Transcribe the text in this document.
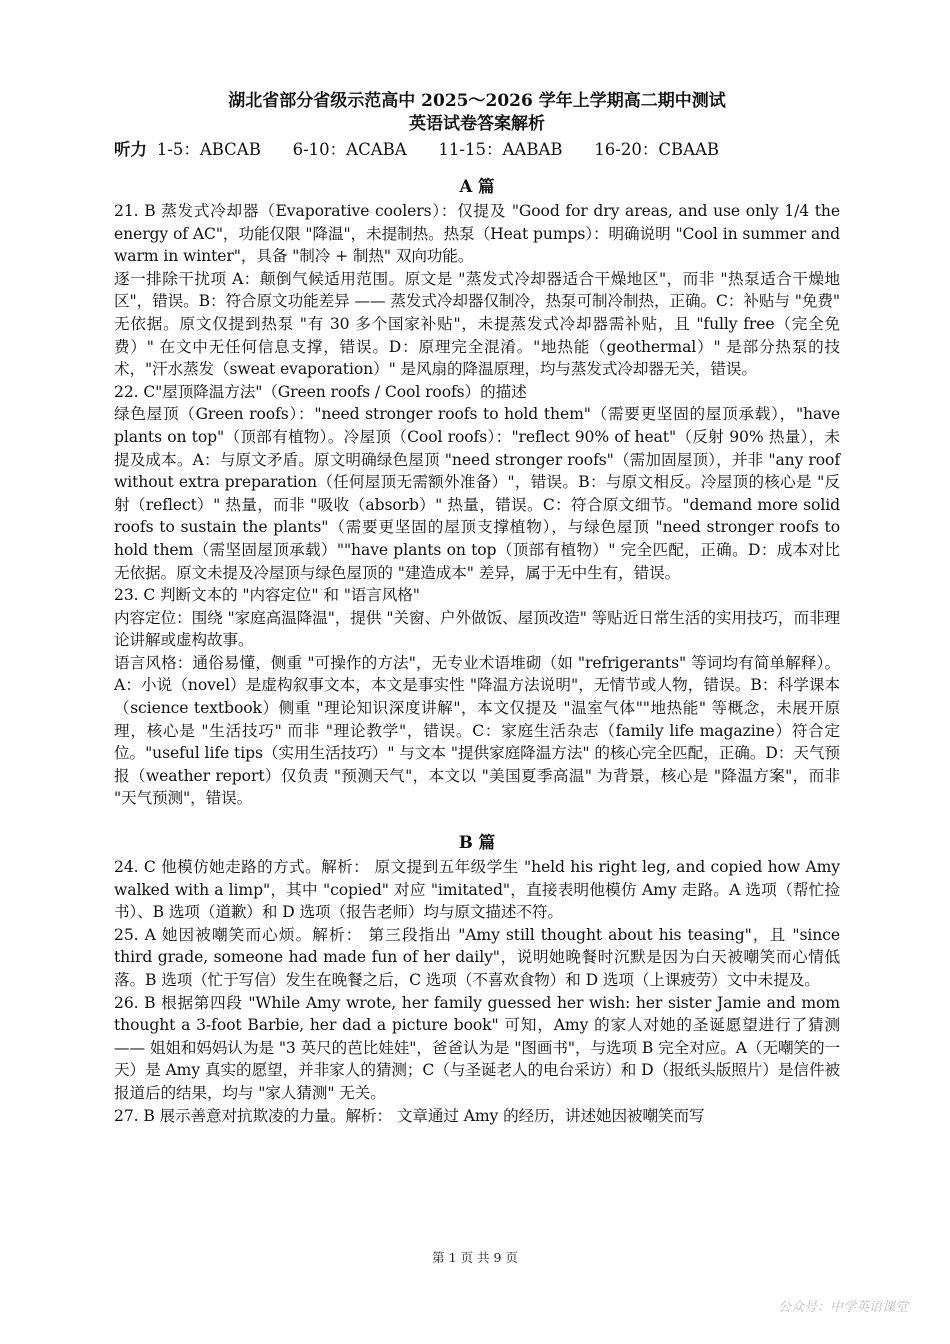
湖北省部分省级示范高中 2025～2026 学年上学期高二期中测试

英语试卷答案解析

听力 1-5：ABCAB 6-10：ACABA 11-15：AABAB 16-20：CBAAB

A 篇

21. B 蒸发式冷却器（Evaporative coolers）：仅提及 "Good for dry areas, and use only 1/4 the energy of AC"，功能仅限 "降温"，未提制热。热泵（Heat pumps）：明确说明 "Cool in summer and warm in winter"，具备 "制冷 + 制热" 双向功能。

逐一排除干扰项 A：颠倒气候适用范围。原文是 "蒸发式冷却器适合干燥地区"，而非 "热泵适合干燥地区"，错误。B：符合原文功能差异 —— 蒸发式冷却器仅制冷，热泵可制冷制热，正确。C：补贴与 "免费" 无依据。原文仅提到热泵 "有 30 多个国家补贴"，未提蒸发式冷却器需补贴，且 "fully free（完全免费）" 在文中无任何信息支撑，错误。D：原理完全混淆。"地热能（geothermal）" 是部分热泵的技术，"汗水蒸发（sweat evaporation）" 是风扇的降温原理，均与蒸发式冷却器无关，错误。

22. C"屋顶降温方法"（Green roofs / Cool roofs）的描述

绿色屋顶（Green roofs）："need stronger roofs to hold them"（需要更坚固的屋顶承载），"have plants on top"（顶部有植物）。冷屋顶（Cool roofs）："reflect 90% of heat"（反射 90% 热量），未提及成本。A：与原文矛盾。原文明确绿色屋顶 "need stronger roofs"（需加固屋顶），并非 "any roof without extra preparation（任何屋顶无需额外准备）"，错误。B：与原文相反。冷屋顶的核心是 "反射（reflect）" 热量，而非 "吸收（absorb）" 热量，错误。C：符合原文细节。"demand more solid roofs to sustain the plants"（需要更坚固的屋顶支撑植物），与绿色屋顶 "need stronger roofs to hold them（需坚固屋顶承载）""have plants on top（顶部有植物）" 完全匹配，正确。D：成本对比无依据。原文未提及冷屋顶与绿色屋顶的 "建造成本" 差异，属于无中生有，错误。

23. C 判断文本的 "内容定位" 和 "语言风格"

内容定位：围绕 "家庭高温降温"，提供 "关窗、户外做饭、屋顶改造" 等贴近日常生活的实用技巧，而非理论讲解或虚构故事。

语言风格：通俗易懂，侧重 "可操作的方法"，无专业术语堆砌（如 "refrigerants" 等词均有简单解释）。A：小说（novel）是虚构叙事文本，本文是事实性 "降温方法说明"，无情节或人物，错误。B：科学课本（science textbook）侧重 "理论知识深度讲解"，本文仅提及 "温室气体""地热能" 等概念，未展开原理，核心是 "生活技巧" 而非 "理论教学"，错误。C：家庭生活杂志（family life magazine）符合定位。"useful life tips（实用生活技巧）" 与文本 "提供家庭降温方法" 的核心完全匹配，正确。D：天气预报（weather report）仅负责 "预测天气"，本文以 "美国夏季高温" 为背景，核心是 "降温方案"，而非 "天气预测"，错误。

B 篇

24. C 他模仿她走路的方式。解析： 原文提到五年级学生 "held his right leg, and copied how Amy walked with a limp"，其中 "copied" 对应 "imitated"，直接表明他模仿 Amy 走路。A 选项（帮忙捡书）、B 选项（道歉）和 D 选项（报告老师）均与原文描述不符。

25. A 她因被嘲笑而心烦。解析： 第三段指出 "Amy still thought about his teasing"，且 "since third grade, someone had made fun of her daily"，说明她晚餐时沉默是因为白天被嘲笑而心情低落。B 选项（忙于写信）发生在晚餐之后，C 选项（不喜欢食物）和 D 选项（上课疲劳）文中未提及。

26. B 根据第四段 "While Amy wrote, her family guessed her wish: her sister Jamie and mom thought a 3-foot Barbie, her dad a picture book" 可知，Amy 的家人对她的圣诞愿望进行了猜测 —— 姐姐和妈妈认为是 "3 英尺的芭比娃娃"，爸爸认为是 "图画书"，与选项 B 完全对应。A（无嘲笑的一天）是 Amy 真实的愿望，并非家人的猜测；C（与圣诞老人的电台采访）和 D（报纸头版照片）是信件被报道后的结果，均与 "家人猜测" 无关。

27. B 展示善意对抗欺凌的力量。解析： 文章通过 Amy 的经历，讲述她因被嘲笑而写

第 1 页 共 9 页
公众号：中学英语课堂
